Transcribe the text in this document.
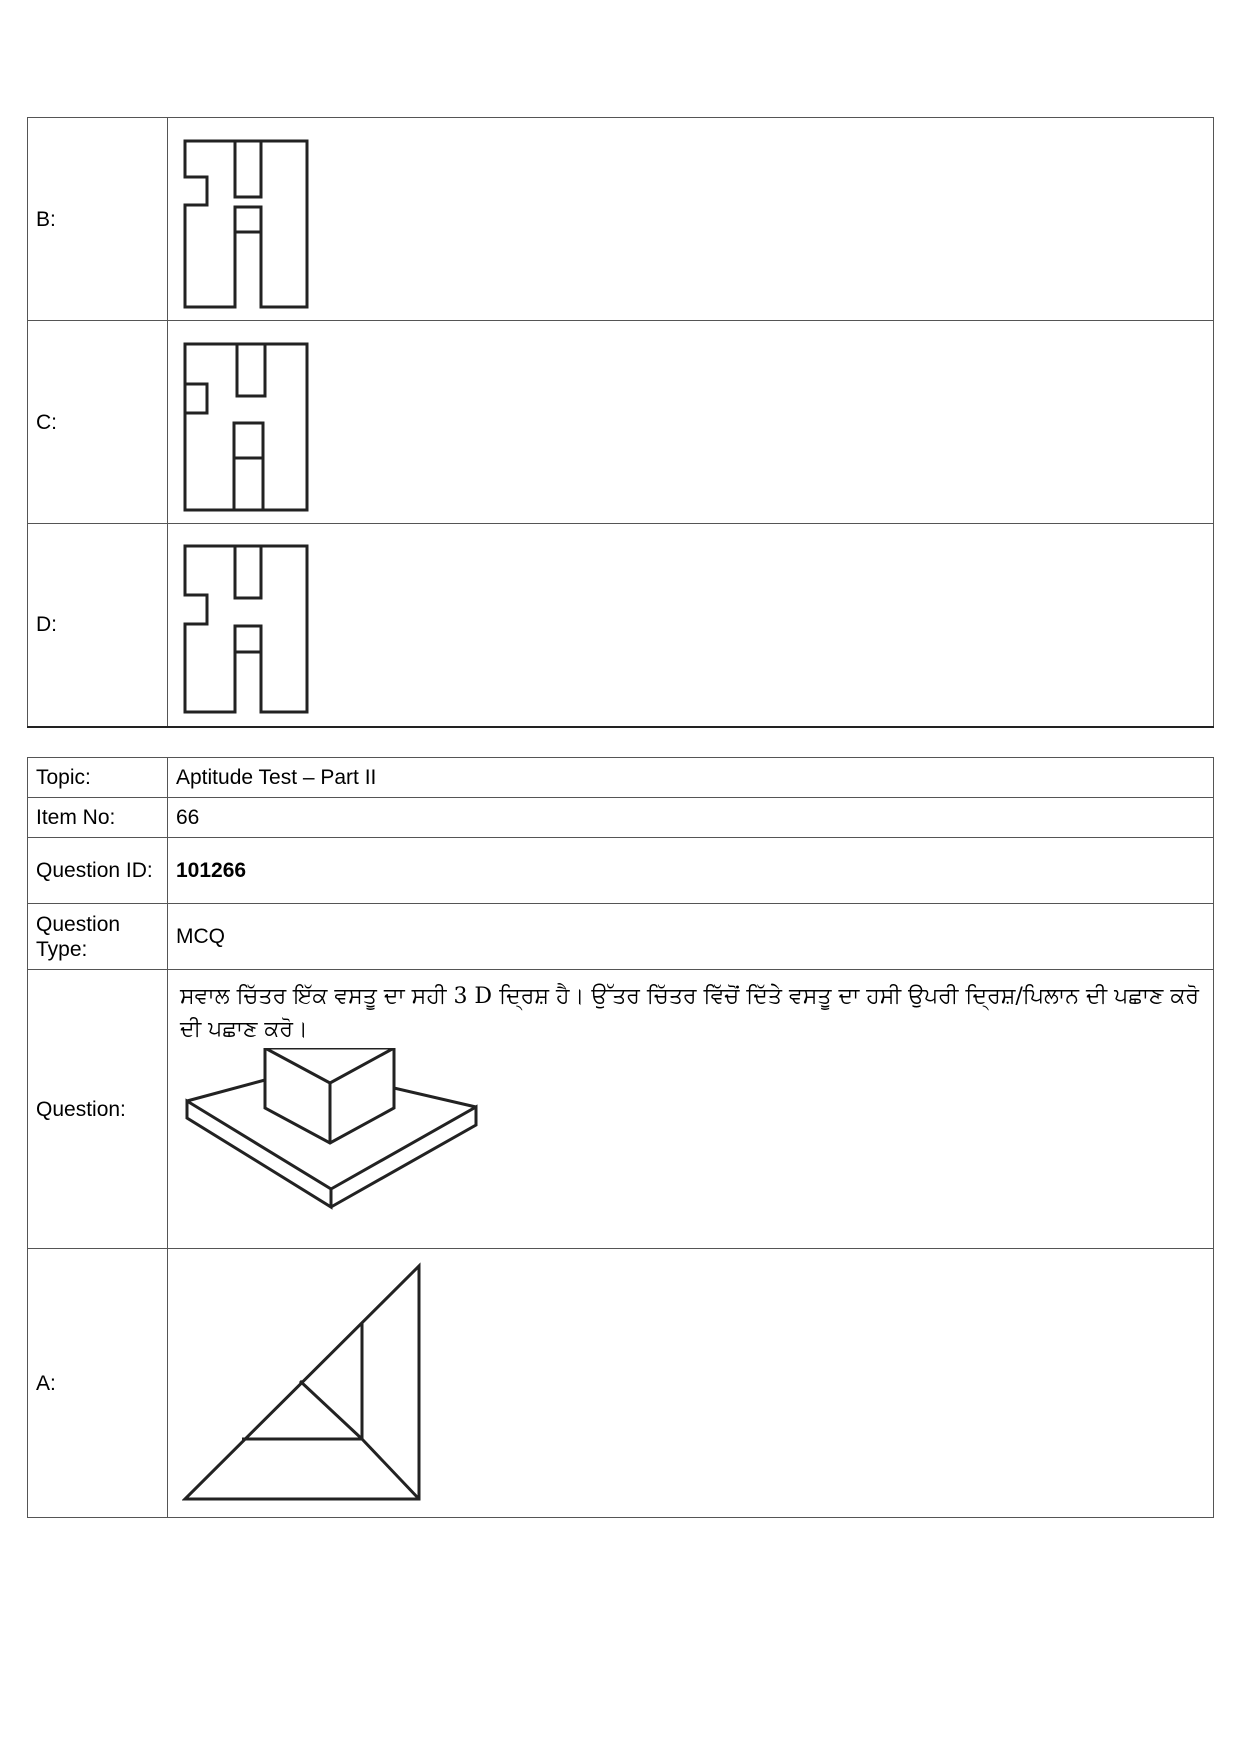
B:	

C:	

D:	
Topic:	Aptitude Test – Part II
Item No:	66
Question ID:	101266
Question Type:	MCQ
Question:	ਸਵਾਲ ਚਿੱਤਰ ਇੱਕ ਵਸਤੂ ਦਾ ਸਹੀ 3 D ਦ੍ਰਿਸ਼ ਹੈ। ਉੱਤਰ ਚਿੱਤਰ ਵਿੱਚੋਂ ਦਿੱਤੇ ਵਸਤੂ ਦਾ ਹਸੀ ਉਪਰੀ ਦ੍ਰਿਸ਼/ਪਿਲਾਨ ਦੀ ਪਛਾਣ ਕਰੋ ਦੀ ਪਛਾਣ ਕਰੋ।

A:	
